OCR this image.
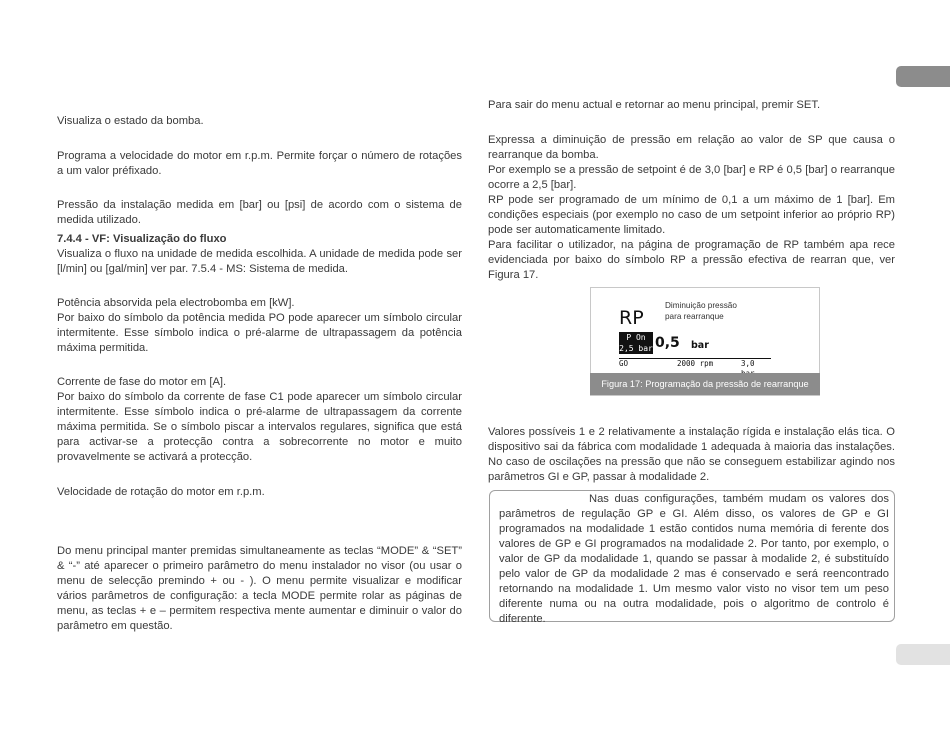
Visualiza o estado da bomba.

Programa a velocidade do motor em r.p.m. Permite forçar o número de rotações a um valor préfixado.

Pressão da instalação medida em [bar] ou [psi] de acordo com o sistema de medida utilizado.

7.4.4 - VF: Visualização do fluxo

Visualiza o fluxo na unidade de medida escolhida. A unidade de medida pode ser [l/min] ou [gal/min] ver par. 7.5.4 - MS: Sistema de medida.

Potência absorvida pela electrobomba em [kW].

Por baixo do símbolo da potência medida PO pode aparecer um símbolo circular intermitente. Esse símbolo indica o pré-alarme de ultrapassagem da potência máxima permitida.

Corrente de fase do motor em [A].

Por baixo do símbolo da corrente de fase C1 pode aparecer um símbolo circular intermitente. Esse símbolo indica o pré-alarme de ultrapassagem da corrente máxima permitida. Se o símbolo piscar a intervalos regulares, significa que está para activar-se a protecção contra a sobrecorrente no motor e muito provavelmente se activará a protecção.

Velocidade de rotação do motor em r.p.m.

Do menu principal manter premidas simultaneamente as teclas “MODE” & “SET” & “-” até aparecer o primeiro parâmetro do menu instalador no visor (ou usar o menu de selecção premindo + ou - ). O menu permite visualizar e modificar vários parâmetros de configuração: a tecla MODE permite rolar as páginas de menu, as teclas + e – permitem respectiva mente aumentar e diminuir o valor do parâmetro em questão.

Para sair do menu actual e retornar ao menu principal, premir SET.

Expressa a diminuição de pressão em relação ao valor de SP que causa o rearranque da bomba.

Por exemplo se a pressão de setpoint é de 3,0 [bar] e RP é 0,5 [bar] o rearranque ocorre a 2,5 [bar].

RP pode ser programado de um mínimo de 0,1 a um máximo de 1 [bar]. Em condições especiais (por exemplo no caso de um setpoint inferior ao próprio RP) pode ser automaticamente limitado.

Para facilitar o utilizador, na página de programação de RP também apa rece evidenciada por baixo do símbolo RP a pressão efectiva de rearran que, ver Figura 17.

RP
Diminuição pressão para rearranque
P On
2,5 bar 0,5 bar
GO	2000 rpm	3,0
Figura 17: Programação da pressão de rearranque

Valores possíveis 1 e 2 relativamente a instalação rígida e instalação elás tica. O dispositivo sai da fábrica com modalidade 1 adequada à maioria das instalações. No caso de oscilações na pressão que não se conseguem estabilizar agindo nos parâmetros GI e GP, passar à modalidade 2.

Nas duas configurações, também mudam os valores dos parâmetros de regulação GP e GI. Além disso, os valores de GP e GI programados na modalidade 1 estão contidos numa memória di ferente dos valores de GP e GI programados na modalidade 2. Por tanto, por exemplo, o valor de GP da modalidade 1, quando se passar à modalide 2, é substituído pelo valor de GP da modalidade 2 mas é conservado e será reencontrado retornando na modalidade 1. Um mesmo valor visto no visor tem um peso diferente numa ou na outra modalidade, pois o algoritmo de controlo é diferente.
